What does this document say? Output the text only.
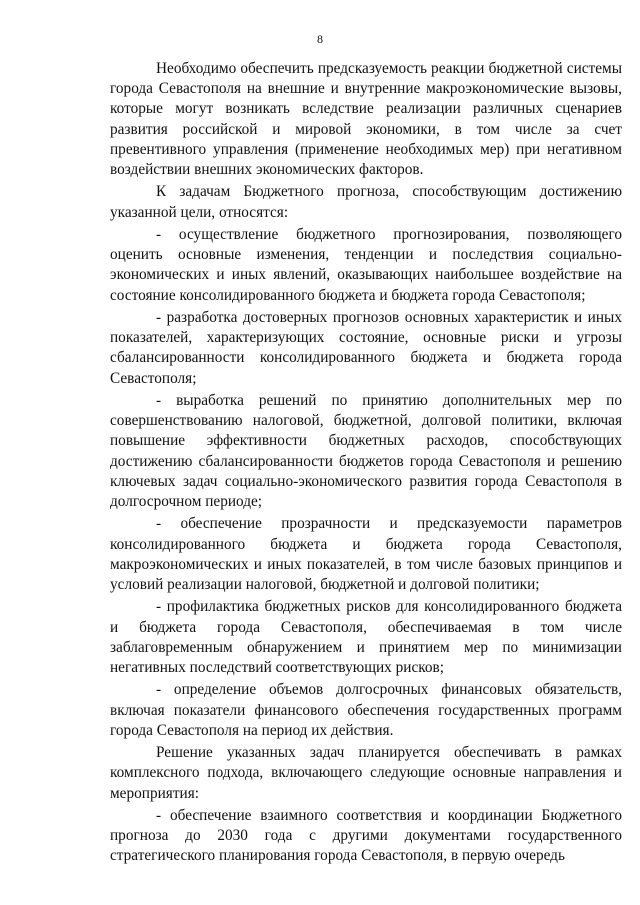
8

Необходимо обеспечить предсказуемость реакции бюджетной системы города Севастополя на внешние и внутренние макроэкономические вызовы, которые могут возникать вследствие реализации различных сценариев развития российской и мировой экономики, в том числе за счет превентивного управления (применение необходимых мер) при негативном воздействии внешних экономических факторов.

К задачам Бюджетного прогноза, способствующим достижению указанной цели, относятся:

- осуществление бюджетного прогнозирования, позволяющего оценить основные изменения, тенденции и последствия социально-экономических и иных явлений, оказывающих наибольшее воздействие на состояние консолидированного бюджета и бюджета города Севастополя;

- разработка достоверных прогнозов основных характеристик и иных показателей, характеризующих состояние, основные риски и угрозы сбалансированности консолидированного бюджета и бюджета города Севастополя;

- выработка решений по принятию дополнительных мер по совершенствованию налоговой, бюджетной, долговой политики, включая повышение эффективности бюджетных расходов, способствующих достижению сбалансированности бюджетов города Севастополя и решению ключевых задач социально-экономического развития города Севастополя в долгосрочном периоде;

- обеспечение прозрачности и предсказуемости параметров консолидированного бюджета и бюджета города Севастополя, макроэкономических и иных показателей, в том числе базовых принципов и условий реализации налоговой, бюджетной и долговой политики;

- профилактика бюджетных рисков для консолидированного бюджета и бюджета города Севастополя, обеспечиваемая в том числе заблаговременным обнаружением и принятием мер по минимизации негативных последствий соответствующих рисков;

- определение объемов долгосрочных финансовых обязательств, включая показатели финансового обеспечения государственных программ города Севастополя на период их действия.

Решение указанных задач планируется обеспечивать в рамках комплексного подхода, включающего следующие основные направления и мероприятия:

- обеспечение взаимного соответствия и координации Бюджетного прогноза до 2030 года с другими документами государственного стратегического планирования города Севастополя, в первую очередь
